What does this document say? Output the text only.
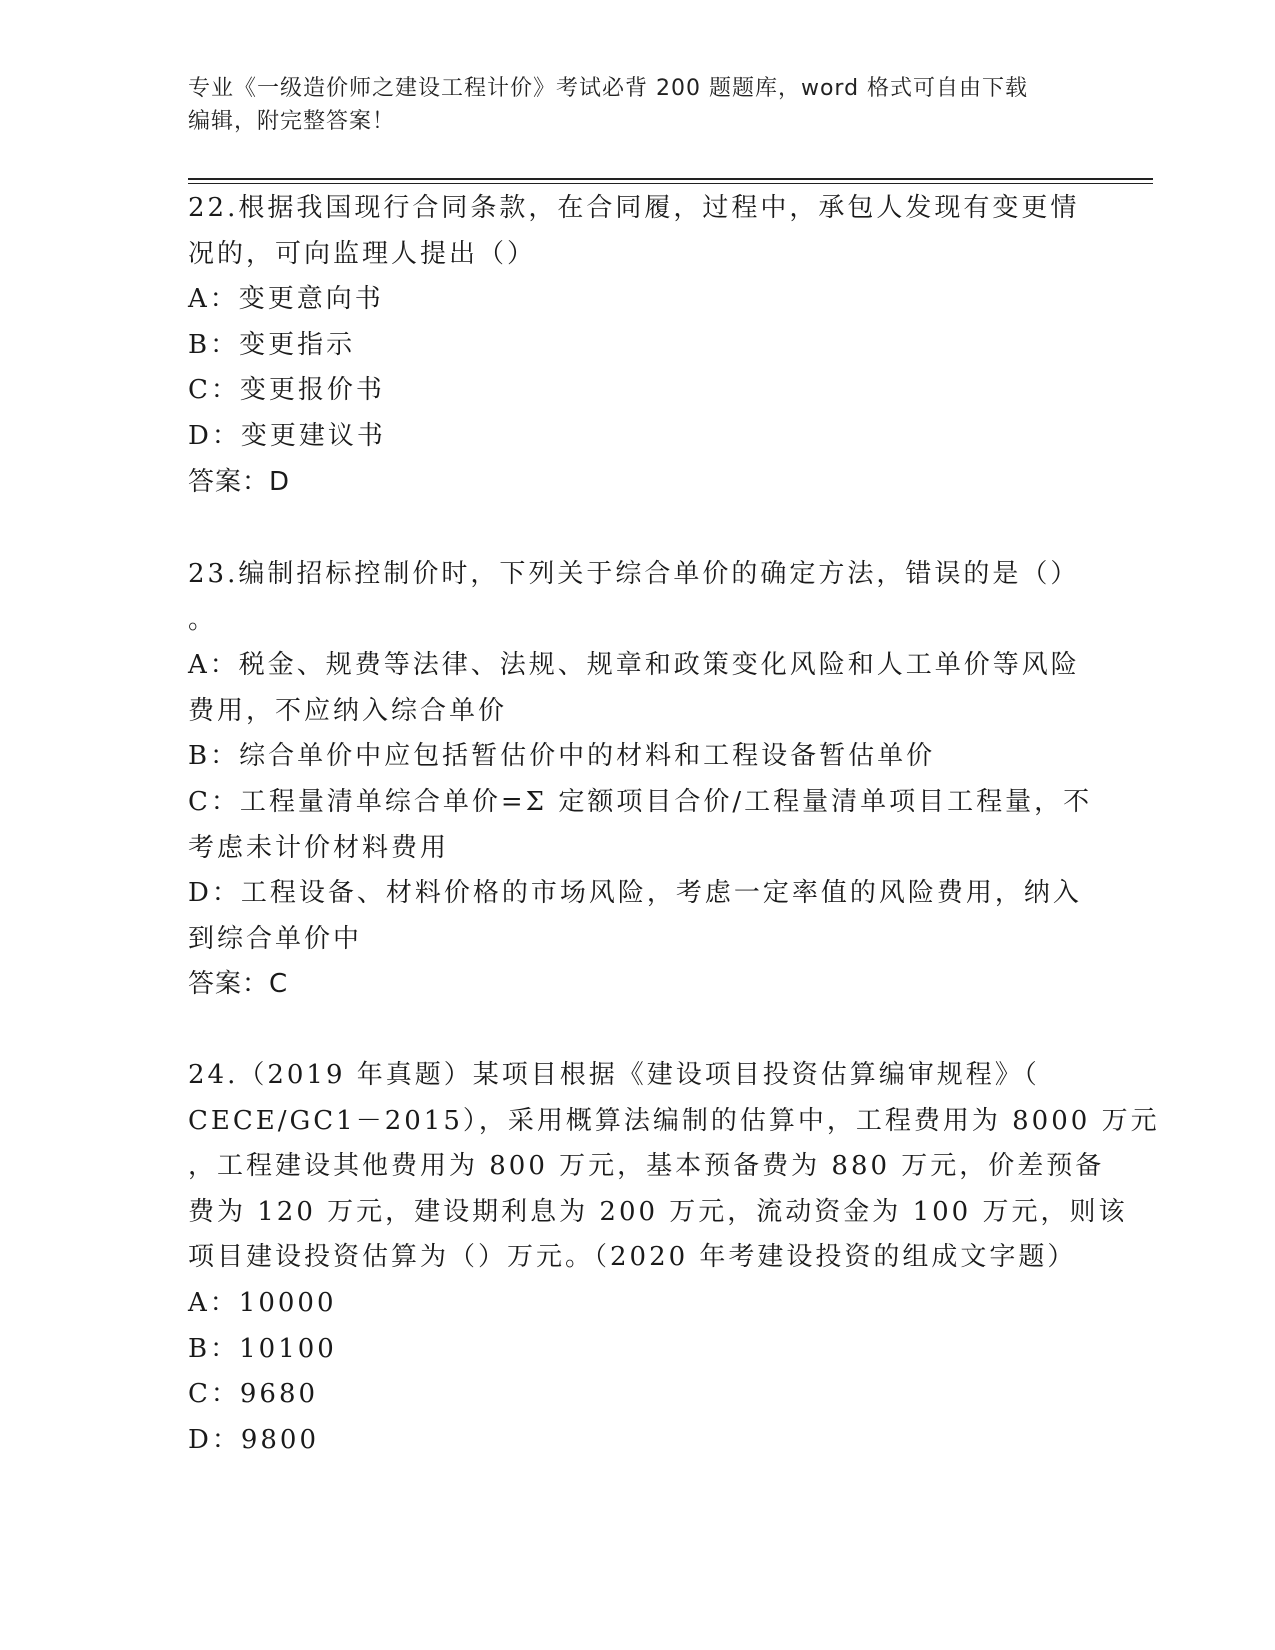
专业《一级造价师之建设工程计价》考试必背 200 题题库，word 格式可自由下载
编辑，附完整答案！
22.根据我国现行合同条款，在合同履，过程中，承包人发现有变更情
况的，可向监理人提出（）
A：变更意向书
B：变更指示
C：变更报价书
D：变更建议书
答案：D
23.编制招标控制价时，下列关于综合单价的确定方法，错误的是（）
。
A：税金、规费等法律、法规、规章和政策变化风险和人工单价等风险
费用，不应纳入综合单价
B：综合单价中应包括暂估价中的材料和工程设备暂估单价
C：工程量清单综合单价=Σ 定额项目合价/工程量清单项目工程量，不
考虑未计价材料费用
D：工程设备、材料价格的市场风险，考虑一定率值的风险费用，纳入
到综合单价中
答案：C
24.（2019 年真题）某项目根据《建设项目投资估算编审规程》（
CECE/GC1－2015），采用概算法编制的估算中，工程费用为 8000 万元
，工程建设其他费用为 800 万元，基本预备费为 880 万元，价差预备
费为 120 万元，建设期利息为 200 万元，流动资金为 100 万元，则该
项目建设投资估算为（）万元。（2020 年考建设投资的组成文字题）
A：10000
B：10100
C：9680
D：9800
